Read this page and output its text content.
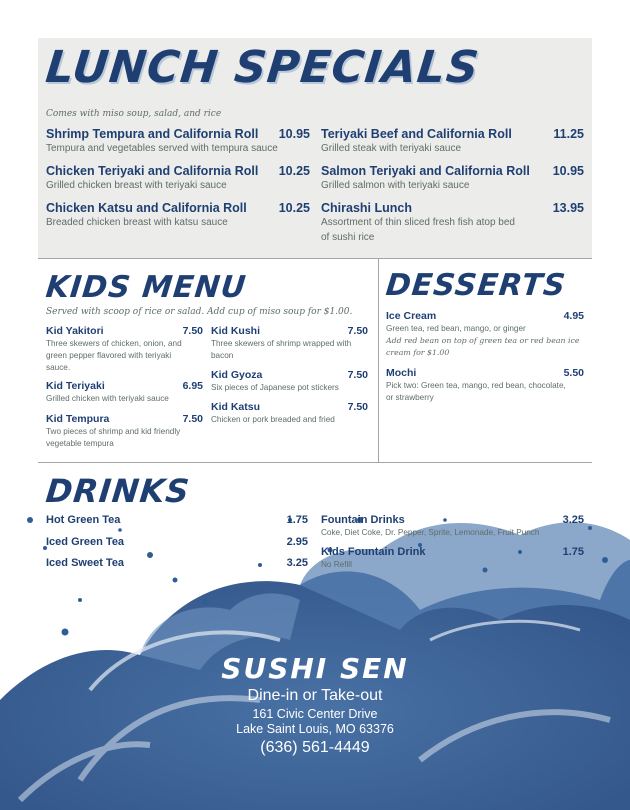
LUNCH SPECIALS
Comes with miso soup, salad, and rice
Shrimp Tempura and California Roll	10.95
Tempura and vegetables served with tempura sauce
Chicken Teriyaki and California Roll	10.25
Grilled chicken breast with teriyaki sauce
Chicken Katsu and California Roll	10.25
Breaded chicken breast with katsu sauce
Teriyaki Beef and California Roll	11.25
Grilled steak with teriyaki sauce
Salmon Teriyaki and California Roll	10.95
Grilled salmon with teriyaki sauce
Chirashi Lunch	13.95
Assortment of thin sliced fresh fish atop bed
of sushi rice
KIDS MENU
Served with scoop of rice or salad. Add cup of miso soup for $1.00.
Kid Yakitori	7.50
Three skewers of chicken, onion, and
green pepper flavored with teriyaki
sauce.
Kid Teriyaki	6.95
Grilled chicken with teriyaki sauce
Kid Tempura	7.50
Two pieces of shrimp and kid friendly
vegetable tempura
Kid Kushi	7.50
Three skewers of shrimp wrapped with
bacon
Kid Gyoza	7.50
Six pieces of Japanese pot stickers
Kid Katsu	7.50
Chicken or pork breaded and fried
DESSERTS
Ice Cream	4.95
Green tea, red bean, mango, or ginger
Add red bean on top of green tea or red bean ice
cream for $1.00
Mochi	5.50
Pick two: Green tea, mango, red bean, chocolate,
or strawberry
DRINKS
Hot Green Tea	1.75
Iced Green Tea	2.95
Iced Sweet Tea	3.25
Fountain Drinks	3.25
Coke, Diet Coke, Dr. Pepper, Sprite, Lemonade, Fruit Punch
Kids Fountain Drink	1.75
No Refill
SUSHI SEN
Dine-in or Take-out
161 Civic Center Drive
Lake Saint Louis, MO 63376
(636) 561-4449
